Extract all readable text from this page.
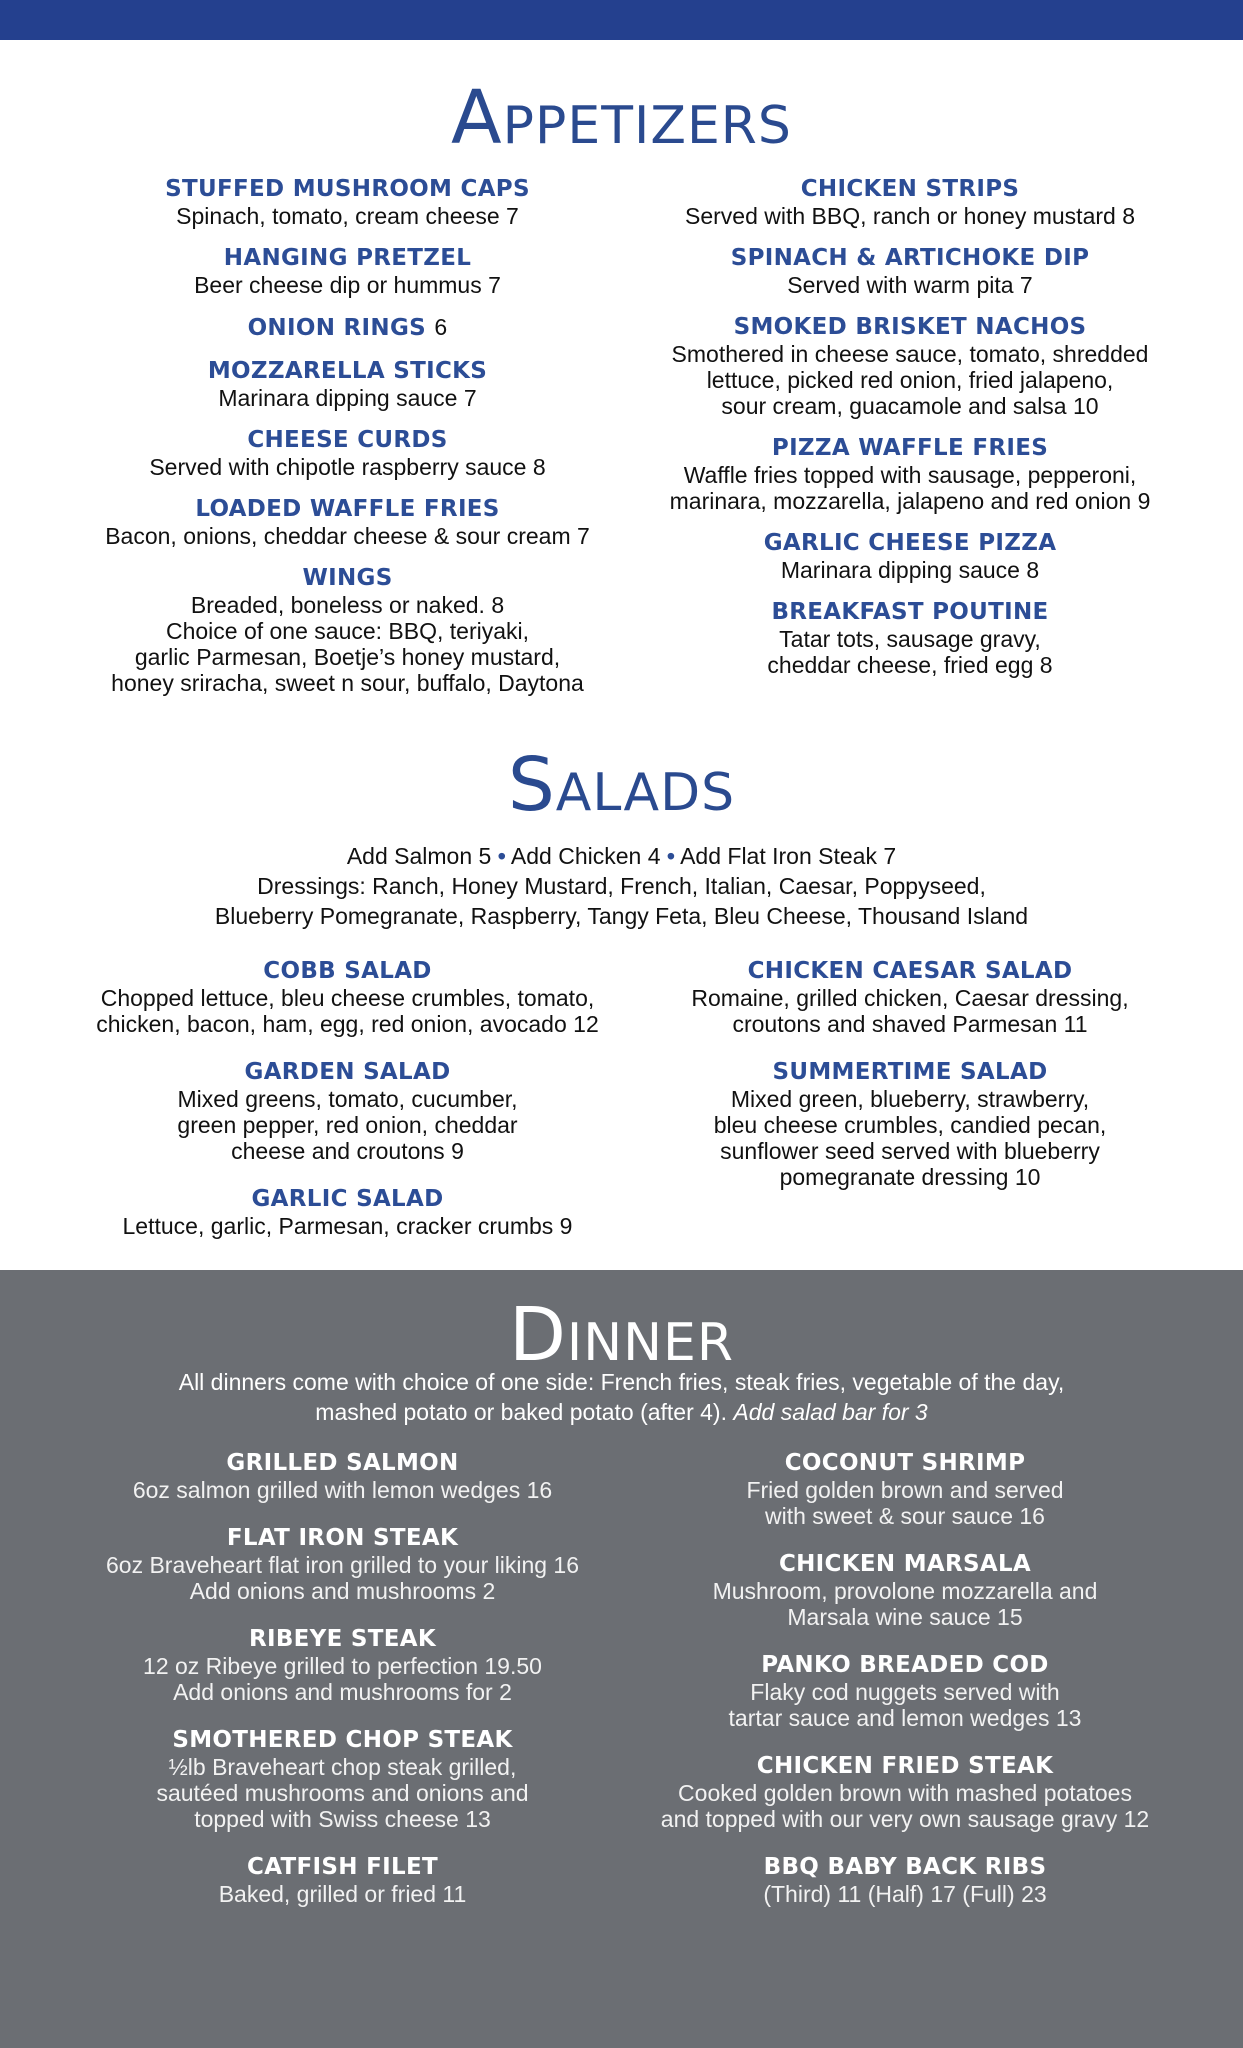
Appetizers
STUFFED MUSHROOM CAPS
Spinach, tomato, cream cheese 7
HANGING PRETZEL
Beer cheese dip or hummus 7
ONION RINGS 6
MOZZARELLA STICKS
Marinara dipping sauce 7
CHEESE CURDS
Served with chipotle raspberry sauce 8
LOADED WAFFLE FRIES
Bacon, onions, cheddar cheese & sour cream 7
WINGS
Breaded, boneless or naked. 8
Choice of one sauce: BBQ, teriyaki,
garlic Parmesan, Boetje’s honey mustard,
honey sriracha, sweet n sour, buffalo, Daytona
CHICKEN STRIPS
Served with BBQ, ranch or honey mustard 8
SPINACH & ARTICHOKE DIP
Served with warm pita 7
SMOKED BRISKET NACHOS
Smothered in cheese sauce, tomato, shredded
lettuce, picked red onion, fried jalapeno,
sour cream, guacamole and salsa 10
PIZZA WAFFLE FRIES
Waffle fries topped with sausage, pepperoni,
marinara, mozzarella, jalapeno and red onion 9
GARLIC CHEESE PIZZA
Marinara dipping sauce 8
BREAKFAST POUTINE
Tatar tots, sausage gravy,
cheddar cheese, fried egg 8
Salads
Add Salmon 5 • Add Chicken 4 • Add Flat Iron Steak 7
Dressings: Ranch, Honey Mustard, French, Italian, Caesar, Poppyseed,
Blueberry Pomegranate, Raspberry, Tangy Feta, Bleu Cheese, Thousand Island
COBB SALAD
Chopped lettuce, bleu cheese crumbles, tomato,
chicken, bacon, ham, egg, red onion, avocado 12
GARDEN SALAD
Mixed greens, tomato, cucumber,
green pepper, red onion, cheddar
cheese and croutons 9
GARLIC SALAD
Lettuce, garlic, Parmesan, cracker crumbs 9
CHICKEN CAESAR SALAD
Romaine, grilled chicken, Caesar dressing,
croutons and shaved Parmesan 11
SUMMERTIME SALAD
Mixed green, blueberry, strawberry,
bleu cheese crumbles, candied pecan,
sunflower seed served with blueberry
pomegranate dressing 10
Dinner
All dinners come with choice of one side: French fries, steak fries, vegetable of the day,
mashed potato or baked potato (after 4). Add salad bar for 3
GRILLED SALMON
6oz salmon grilled with lemon wedges 16
FLAT IRON STEAK
6oz Braveheart flat iron grilled to your liking 16
Add onions and mushrooms 2
RIBEYE STEAK
12 oz Ribeye grilled to perfection 19.50
Add onions and mushrooms for 2
SMOTHERED CHOP STEAK
½lb Braveheart chop steak grilled,
sautéed mushrooms and onions and
topped with Swiss cheese 13
CATFISH FILET
Baked, grilled or fried 11
COCONUT SHRIMP
Fried golden brown and served
with sweet & sour sauce 16
CHICKEN MARSALA
Mushroom, provolone mozzarella and
Marsala wine sauce 15
PANKO BREADED COD
Flaky cod nuggets served with
tartar sauce and lemon wedges 13
CHICKEN FRIED STEAK
Cooked golden brown with mashed potatoes
and topped with our very own sausage gravy 12
BBQ BABY BACK RIBS
(Third) 11 (Half) 17 (Full) 23
